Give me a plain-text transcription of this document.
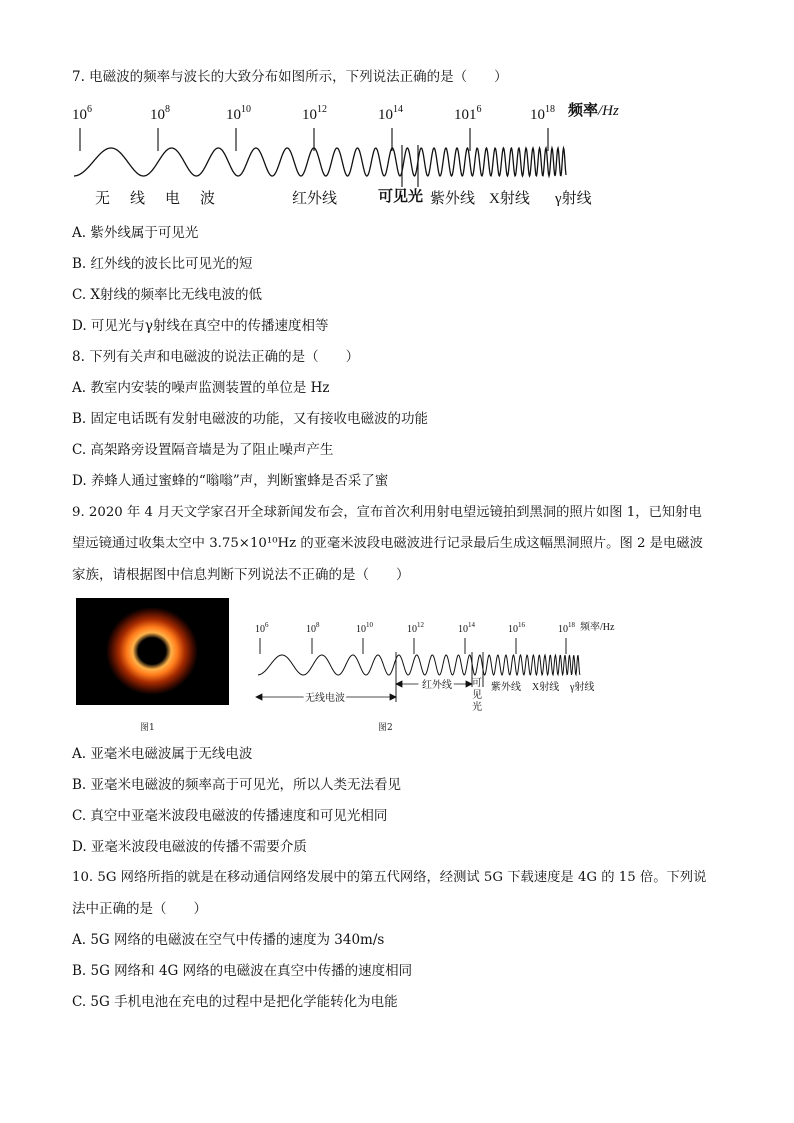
7. 电磁波的频率与波长的大致分布如图所示，下列说法正确的是（　　）

$10^6$	$10^8$	$10^{10}$	$10^{12}$	$10^{14}$	$101^6$	$10^{18}$ 频率/Hz
无 线 电 波	红外线	可见光 紫外线 X射线 γ射线

A. 紫外线属于可见光

B. 红外线的波长比可见光的短

C. X射线的频率比无线电波的低

D. 可见光与γ射线在真空中的传播速度相等

8. 下列有关声和电磁波的说法正确的是（　　）

A. 教室内安装的噪声监测装置的单位是 Hz

B. 固定电话既有发射电磁波的功能，又有接收电磁波的功能

C. 高架路旁设置隔音墙是为了阻止噪声产生

D. 养蜂人通过蜜蜂的“嗡嗡”声，判断蜜蜂是否采了蜜

9. 2020 年 4 月天文学家召开全球新闻发布会，宣布首次利用射电望远镜拍到黑洞的照片如图 1，已知射电

望远镜通过收集太空中 3.75×10¹⁰Hz 的亚毫米波段电磁波进行记录最后生成这幅黑洞照片。图 2 是电磁波

家族，请根据图中信息判断下列说法不正确的是（　　）

图1
$10^6$	$10^8$	$10^{10}$	$10^{12}$	$10^{14}$	$10^{16}$	$10^{18}$ 频率/Hz
无线电波
红外线 可
见
光
紫外线 X射线 γ射线
图2

A. 亚毫米电磁波属于无线电波

B. 亚毫米电磁波的频率高于可见光，所以人类无法看见

C. 真空中亚毫米波段电磁波的传播速度和可见光相同

D. 亚毫米波段电磁波的传播不需要介质

10. 5G 网络所指的就是在移动通信网络发展中的第五代网络，经测试 5G 下载速度是 4G 的 15 倍。下列说

法中正确的是（　　）

A. 5G 网络的电磁波在空气中传播的速度为 340m/s

B. 5G 网络和 4G 网络的电磁波在真空中传播的速度相同

C. 5G 手机电池在充电的过程中是把化学能转化为电能
